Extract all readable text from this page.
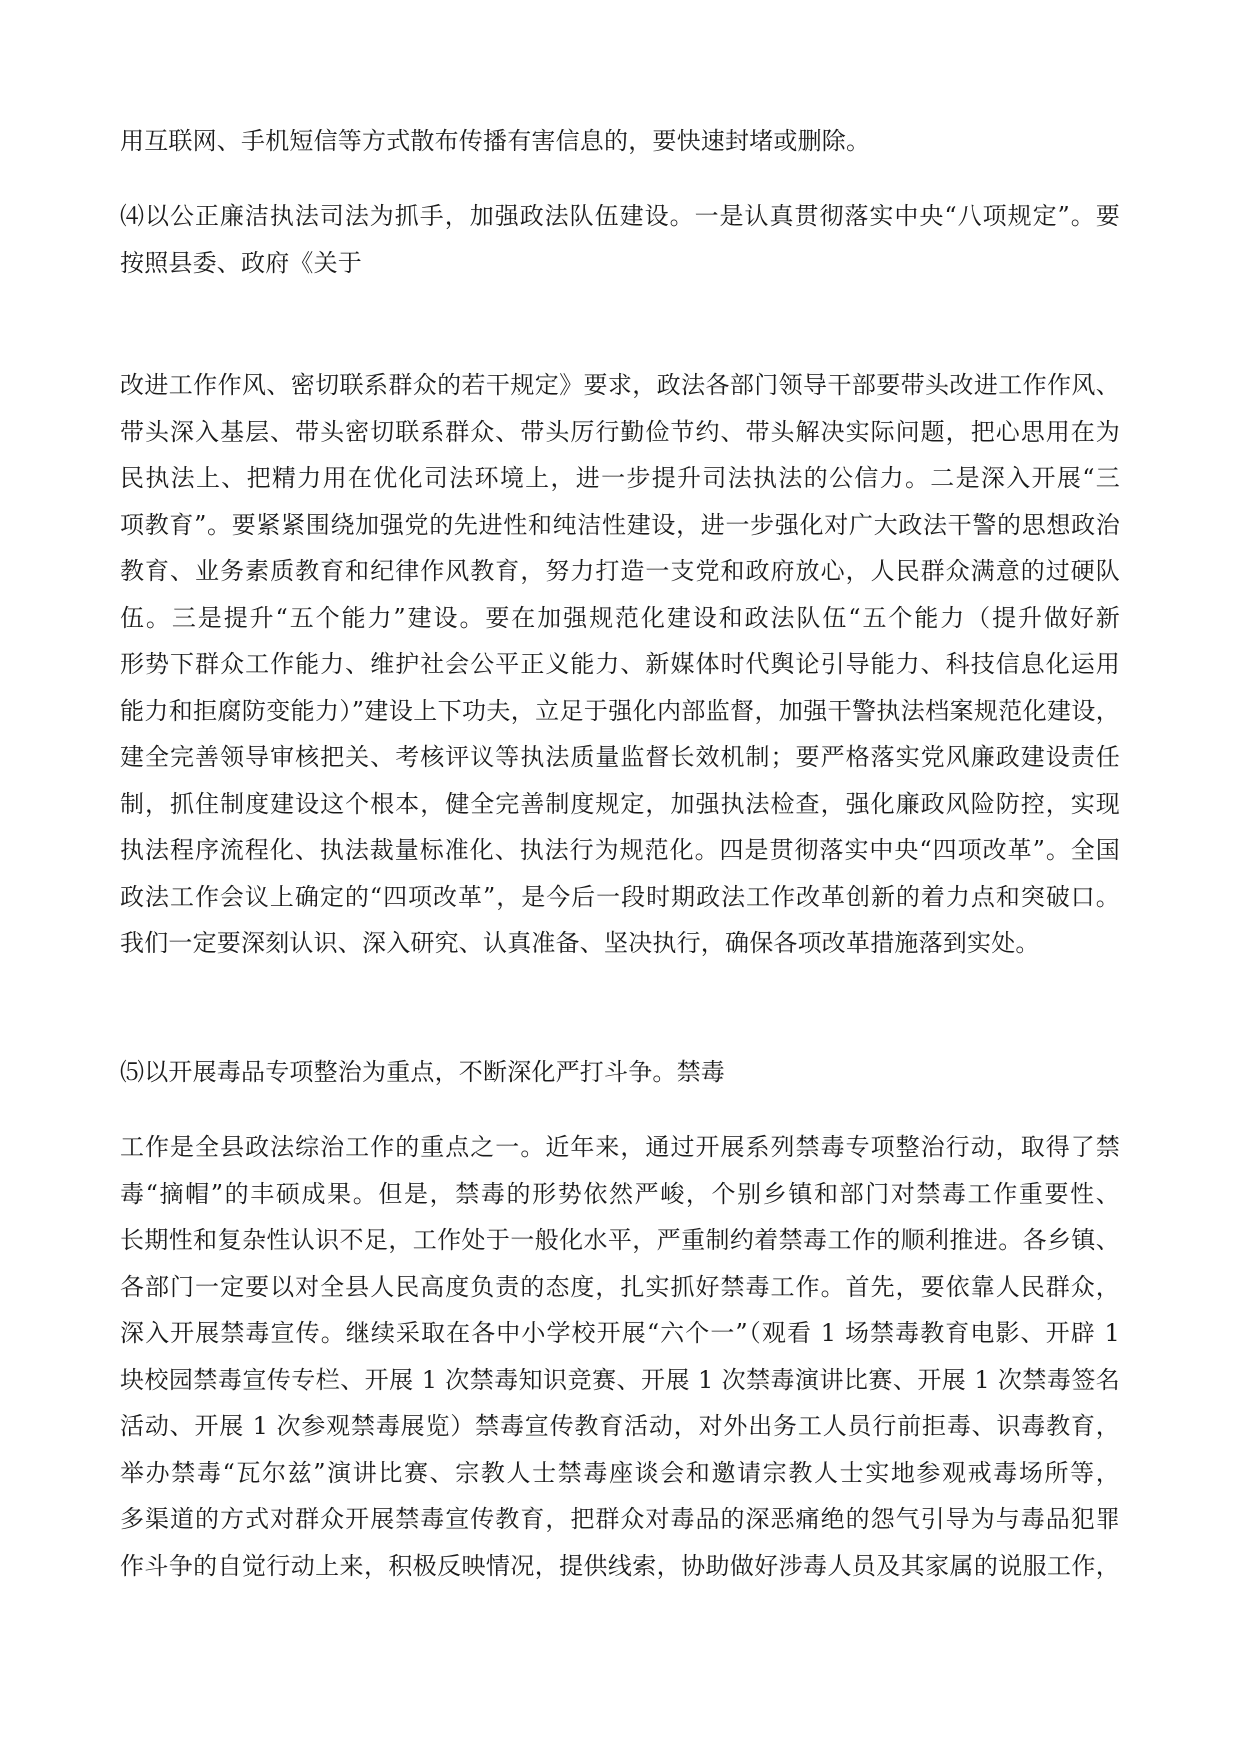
用互联网、手机短信等方式散布传播有害信息的，要快速封堵或删除。

⑷以公正廉洁执法司法为抓手，加强政法队伍建设。一是认真贯彻落实中央“八项规定”。要
按照县委、政府《关于

改进工作作风、密切联系群众的若干规定》要求，政法各部门领导干部要带头改进工作作风、
带头深入基层、带头密切联系群众、带头厉行勤俭节约、带头解决实际问题，把心思用在为
民执法上、把精力用在优化司法环境上，进一步提升司法执法的公信力。二是深入开展“三
项教育”。要紧紧围绕加强党的先进性和纯洁性建设，进一步强化对广大政法干警的思想政治
教育、业务素质教育和纪律作风教育，努力打造一支党和政府放心，人民群众满意的过硬队
伍。三是提升“五个能力”建设。要在加强规范化建设和政法队伍“五个能力（提升做好新
形势下群众工作能力、维护社会公平正义能力、新媒体时代舆论引导能力、科技信息化运用
能力和拒腐防变能力）”建设上下功夫，立足于强化内部监督，加强干警执法档案规范化建设，
建全完善领导审核把关、考核评议等执法质量监督长效机制；要严格落实党风廉政建设责任
制，抓住制度建设这个根本，健全完善制度规定，加强执法检查，强化廉政风险防控，实现
执法程序流程化、执法裁量标准化、执法行为规范化。四是贯彻落实中央“四项改革”。全国
政法工作会议上确定的“四项改革”，是今后一段时期政法工作改革创新的着力点和突破口。
我们一定要深刻认识、深入研究、认真准备、坚决执行，确保各项改革措施落到实处。

⑸以开展毒品专项整治为重点，不断深化严打斗争。禁毒

工作是全县政法综治工作的重点之一。近年来，通过开展系列禁毒专项整治行动，取得了禁
毒“摘帽”的丰硕成果。但是，禁毒的形势依然严峻，个别乡镇和部门对禁毒工作重要性、
长期性和复杂性认识不足，工作处于一般化水平，严重制约着禁毒工作的顺利推进。各乡镇、
各部门一定要以对全县人民高度负责的态度，扎实抓好禁毒工作。首先，要依靠人民群众，
深入开展禁毒宣传。继续采取在各中小学校开展“六个一”（观看 1 场禁毒教育电影、开辟 1
块校园禁毒宣传专栏、开展 1 次禁毒知识竞赛、开展 1 次禁毒演讲比赛、开展 1 次禁毒签名
活动、开展 1 次参观禁毒展览）禁毒宣传教育活动，对外出务工人员行前拒毒、识毒教育，
举办禁毒“瓦尔兹”演讲比赛、宗教人士禁毒座谈会和邀请宗教人士实地参观戒毒场所等，
多渠道的方式对群众开展禁毒宣传教育，把群众对毒品的深恶痛绝的怨气引导为与毒品犯罪
作斗争的自觉行动上来，积极反映情况，提供线索，协助做好涉毒人员及其家属的说服工作，
